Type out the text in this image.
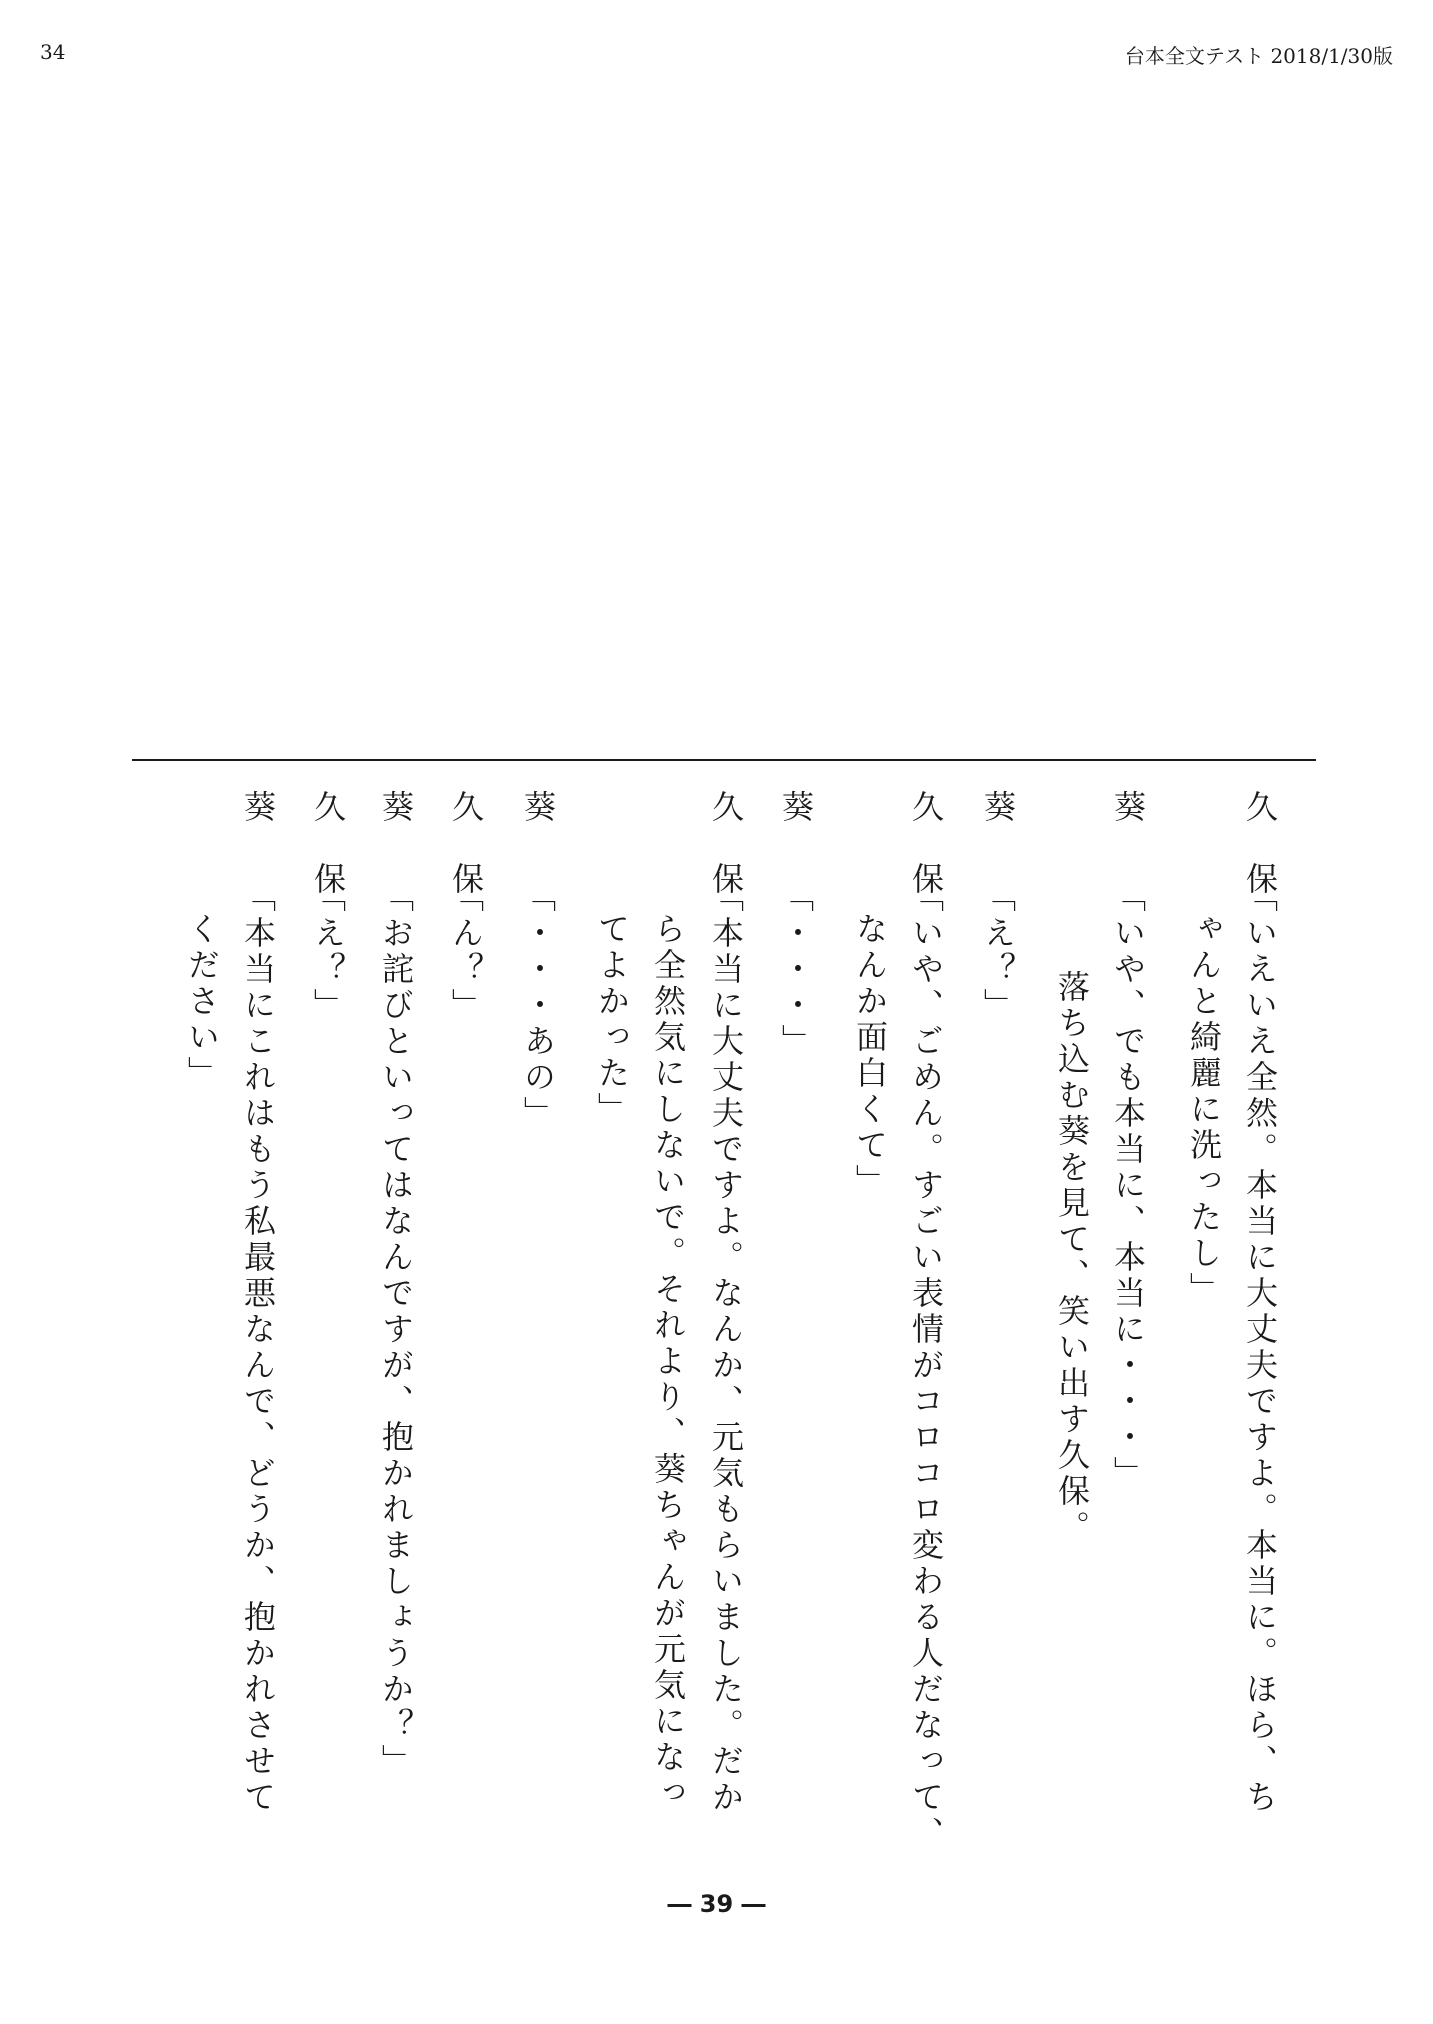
34	台本全文テスト 2018/1/30版
久　保
「いえいえ全然。本当に大丈夫ですよ。本当に。ほら、ち
ゃんと綺麗に洗ったし」
葵
「いや、でも本当に、本当に・・・」
落ち込む葵を見て、笑い出す久保。
葵
「え？」
久　保
「いや、ごめん。すごい表情がコロコロ変わる人だなって、
なんか面白くて」
葵
「・・・」
久　保
「本当に大丈夫ですよ。なんか、元気もらいました。だか
ら全然気にしないで。それより、葵ちゃんが元気になっ
てよかった」
葵
「・・・あの」
久　保
「ん？」
葵
「お詫びといってはなんですが、抱かれましょうか？」
久　保
「え？」
葵
「本当にこれはもう私最悪なんで、どうか、抱かれさせて
ください」
― 39 ―
